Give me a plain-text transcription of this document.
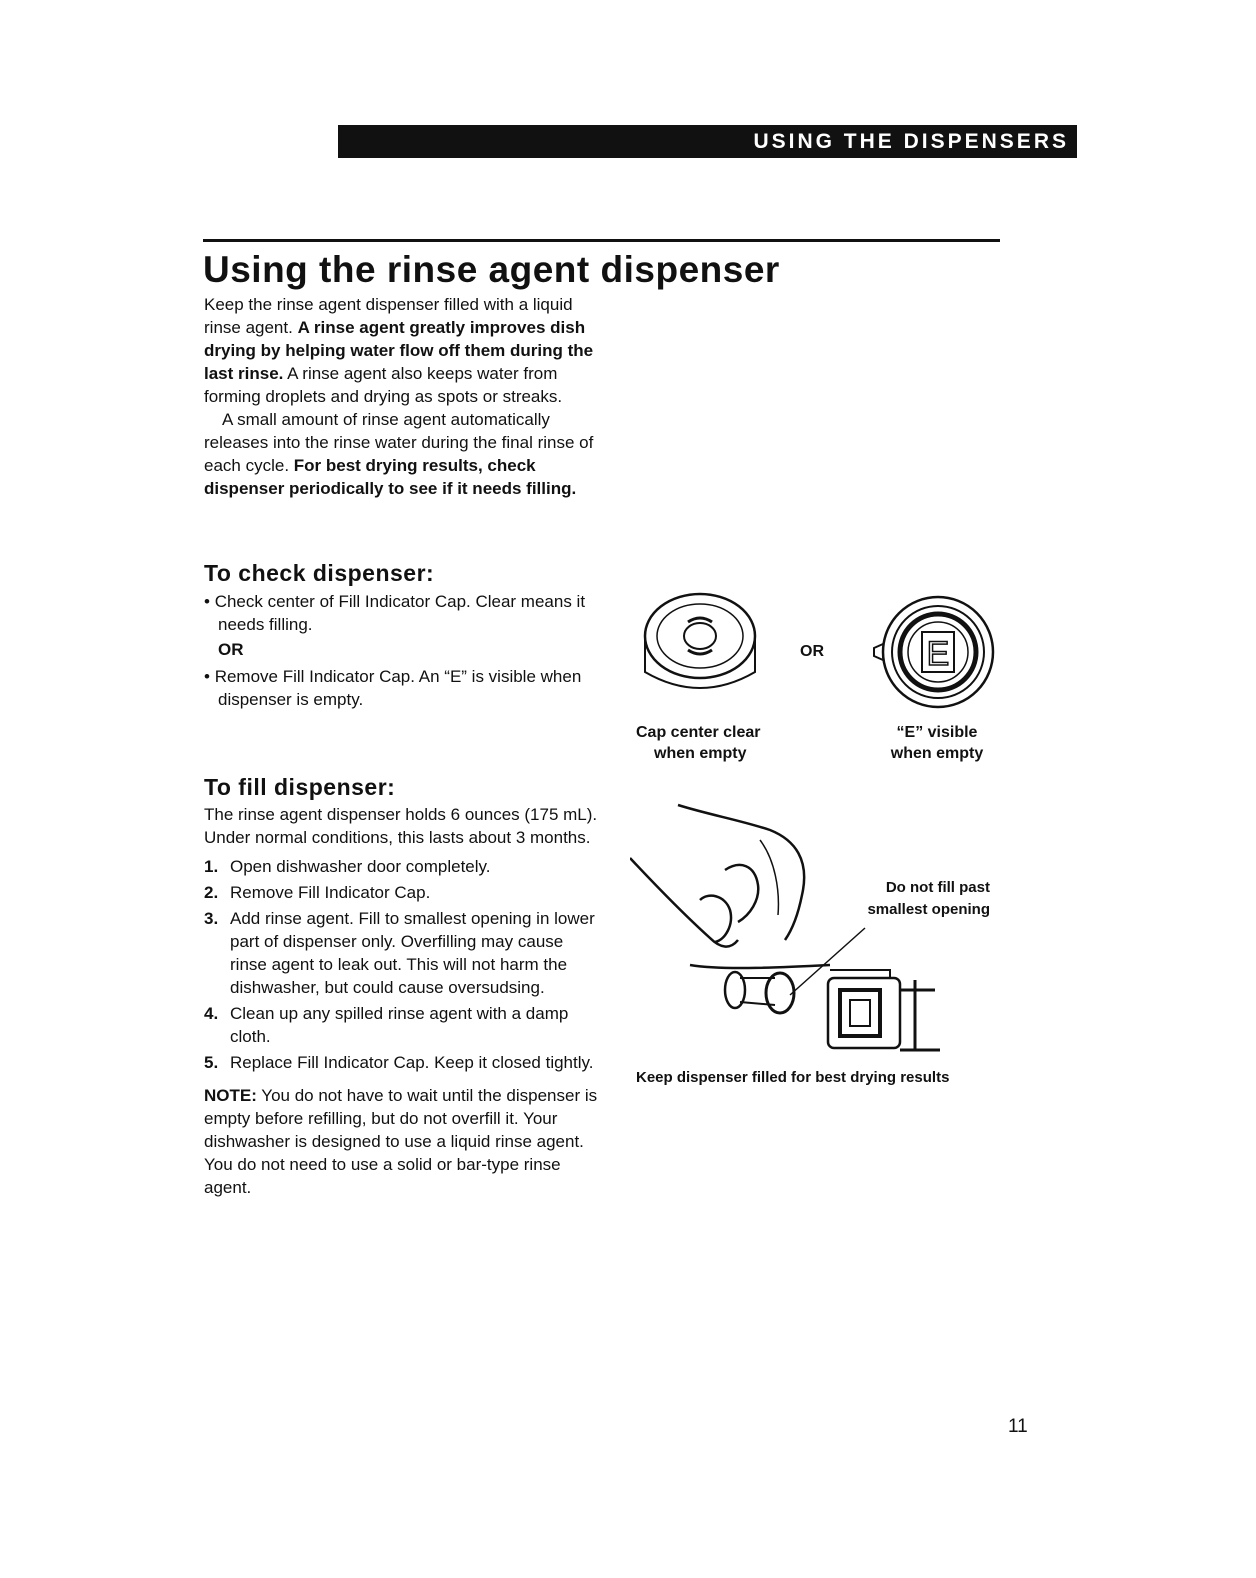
USING THE DISPENSERS
Using the rinse agent dispenser

Keep the rinse agent dispenser filled with a liquid rinse agent. A rinse agent greatly improves dish drying by helping water flow off them during the last rinse. A rinse agent also keeps water from forming droplets and drying as spots or streaks.

A small amount of rinse agent automatically releases into the rinse water during the final rinse of each cycle. For best drying results, check dispenser periodically to see if it needs filling.

To check dispenser:
• Check center of Fill Indicator Cap. Clear means it needs filling.
OR
• Remove Fill Indicator Cap. An “E” is visible when dispenser is empty.
To fill dispenser:

The rinse agent dispenser holds 6 ounces (175 mL). Under normal conditions, this lasts about 3 months.

1. Open dishwasher door completely.
2. Remove Fill Indicator Cap.
3. Add rinse agent. Fill to smallest opening in lower part of dispenser only. Overfilling may cause rinse agent to leak out. This will not harm the dishwasher, but could cause oversudsing.
4. Clean up any spilled rinse agent with a damp cloth.
5. Replace Fill Indicator Cap. Keep it closed tightly.

NOTE: You do not have to wait until the dispenser is empty before refilling, but do not overfill it. Your dishwasher is designed to use a liquid rinse agent. You do not need to use a solid or bar-type rinse agent.

OR	E
Cap center clear
when empty
“E” visible
when empty
Do not fill past
smallest opening
Keep dispenser filled for best drying results
11
